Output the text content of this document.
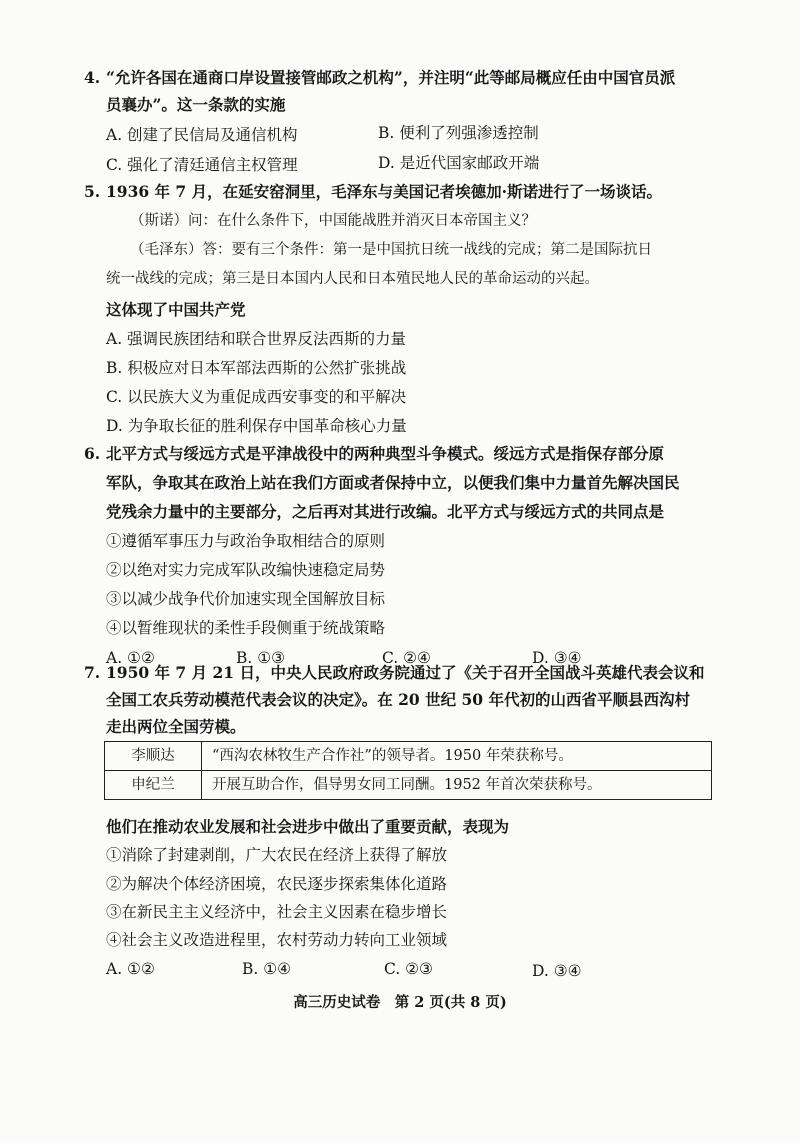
4. “允许各国在通商口岸设置接管邮政之机构”，并注明“此等邮局概应任由中国官员派
员襄办”。这一条款的实施
A. 创建了民信局及通信机构	B. 便利了列强渗透控制
C. 强化了清廷通信主权管理	D. 是近代国家邮政开端
5. 1936 年 7 月，在延安窑洞里，毛泽东与美国记者埃德加·斯诺进行了一场谈话。
（斯诺）问：在什么条件下，中国能战胜并消灭日本帝国主义？
（毛泽东）答：要有三个条件：第一是中国抗日统一战线的完成；第二是国际抗日
统一战线的完成；第三是日本国内人民和日本殖民地人民的革命运动的兴起。
这体现了中国共产党
A. 强调民族团结和联合世界反法西斯的力量
B. 积极应对日本军部法西斯的公然扩张挑战
C. 以民族大义为重促成西安事变的和平解决
D. 为争取长征的胜利保存中国革命核心力量
6. 北平方式与绥远方式是平津战役中的两种典型斗争模式。绥远方式是指保存部分原
军队，争取其在政治上站在我们方面或者保持中立，以便我们集中力量首先解决国民
党残余力量中的主要部分，之后再对其进行改编。北平方式与绥远方式的共同点是
①遵循军事压力与政治争取相结合的原则
②以绝对实力完成军队改编快速稳定局势
③以减少战争代价加速实现全国解放目标
④以暂维现状的柔性手段侧重于统战策略
A. ①②	B. ①③	C. ②④	D. ③④
7. 1950 年 7 月 21 日，中央人民政府政务院通过了《关于召开全国战斗英雄代表会议和
全国工农兵劳动模范代表会议的决定》。在 20 世纪 50 年代初的山西省平顺县西沟村
走出两位全国劳模。
李顺达	“西沟农林牧生产合作社”的领导者。1950 年荣获称号。
申纪兰	开展互助合作，倡导男女同工同酬。1952 年首次荣获称号。
他们在推动农业发展和社会进步中做出了重要贡献，表现为
①消除了封建剥削，广大农民在经济上获得了解放
②为解决个体经济困境，农民逐步探索集体化道路
③在新民主主义经济中，社会主义因素在稳步增长
④社会主义改造进程里，农村劳动力转向工业领域
A. ①②	B. ①④	C. ②③	D. ③④
高三历史试卷　第 2 页(共 8 页)
